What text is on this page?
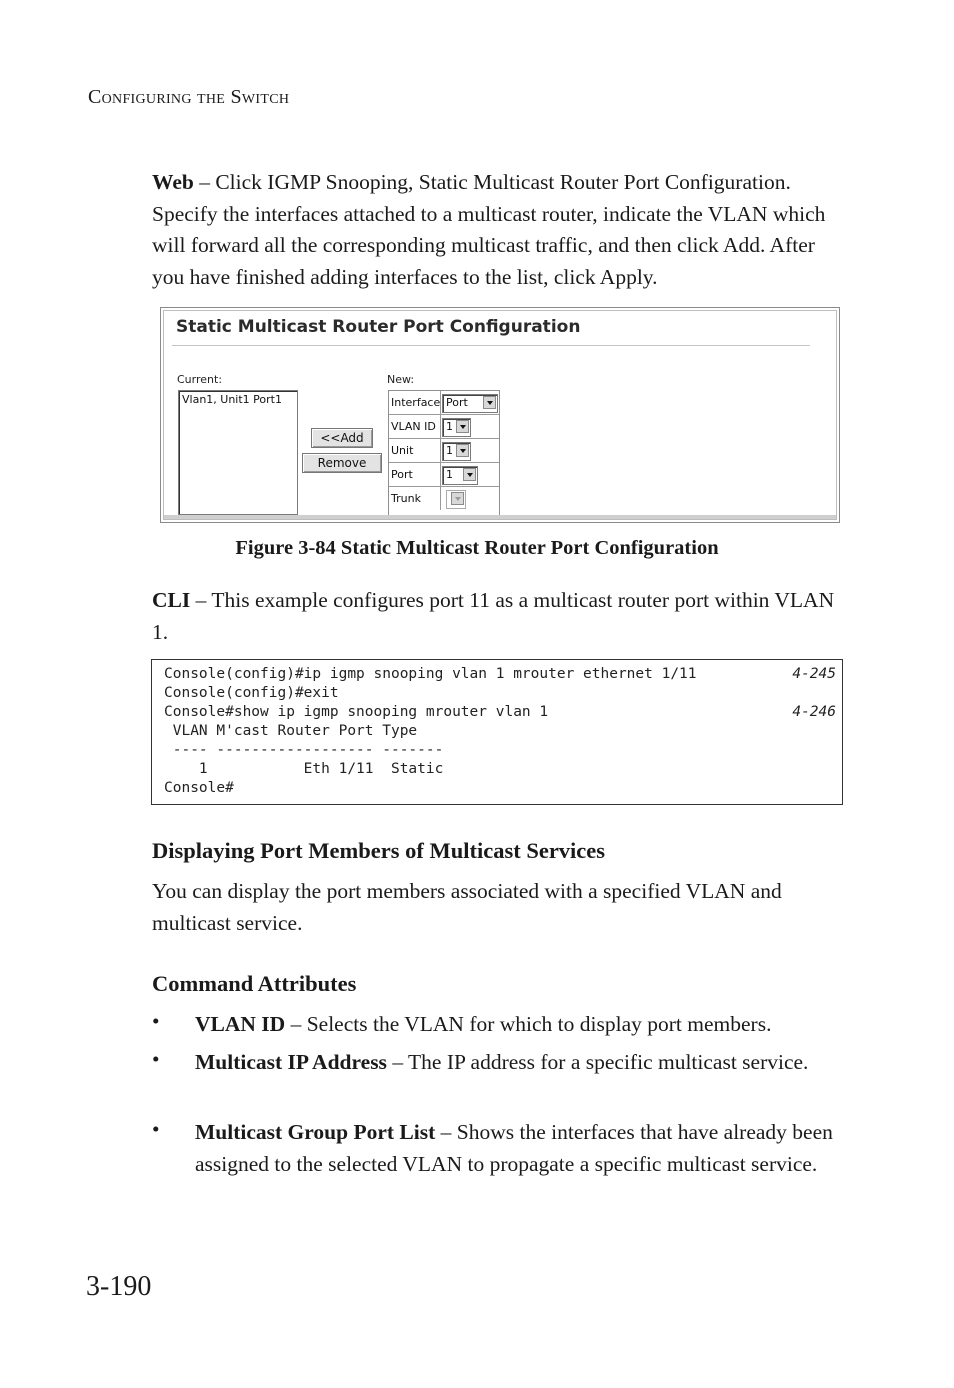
Configuring the Switch
Web – Click IGMP Snooping, Static Multicast Router Port Configuration. Specify the interfaces attached to a multicast router, indicate the VLAN which will forward all the corresponding multicast traffic, and then click Add. After you have finished adding interfaces to the list, click Apply.
Static Multicast Router Port Configuration
Current:
Vlan1, Unit1 Port1
<<Add
Remove
New:
Interface Port
VLAN ID 1
Unit	1
Port	1
Trunk
Figure 3-84 Static Multicast Router Port Configuration
CLI – This example configures port 11 as a multicast router port within VLAN 1.
Console(config)#ip igmp snooping vlan 1 mrouter ethernet 1/11	4-245
Console(config)#exit
Console#show ip igmp snooping mrouter vlan 1	4-246
VLAN M'cast Router Port Type
---- ------------------ -------
1           Eth 1/11  Static
Console#
Displaying Port Members of Multicast Services
You can display the port members associated with a specified VLAN and multicast service.
Command Attributes
• VLAN ID – Selects the VLAN for which to display port members.
• Multicast IP Address – The IP address for a specific multicast service.
• Multicast Group Port List – Shows the interfaces that have already been assigned to the selected VLAN to propagate a specific multicast service.
3-190
